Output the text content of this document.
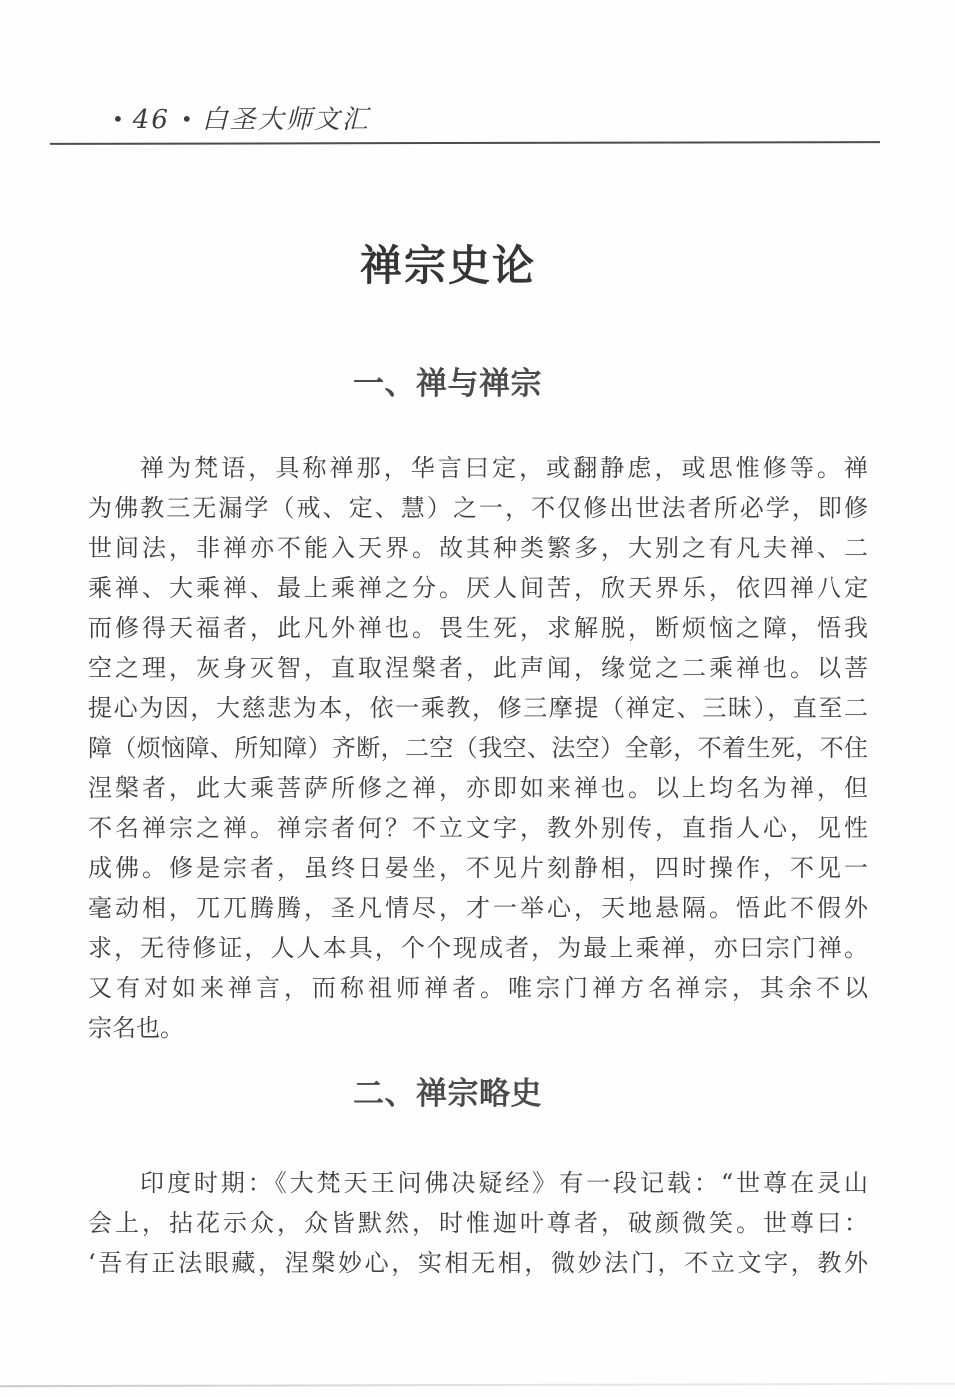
• 46 • 白圣大师文汇
禅宗史论
一、禅与禅宗
禅为梵语，具称禅那，华言曰定，或翻静虑，或思惟修等。禅
为佛教三无漏学（戒、定、慧）之一，不仅修出世法者所必学，即修
世间法，非禅亦不能入天界。故其种类繁多，大别之有凡夫禅、二
乘禅、大乘禅、最上乘禅之分。厌人间苦，欣天界乐，依四禅八定
而修得天福者，此凡外禅也。畏生死，求解脱，断烦恼之障，悟我
空之理，灰身灭智，直取涅槃者，此声闻，缘觉之二乘禅也。以菩
提心为因，大慈悲为本，依一乘教，修三摩提（禅定、三昧），直至二
障（烦恼障、所知障）齐断，二空（我空、法空）全彰，不着生死，不住
涅槃者，此大乘菩萨所修之禅，亦即如来禅也。以上均名为禅，但
不名禅宗之禅。禅宗者何？不立文字，教外别传，直指人心，见性
成佛。修是宗者，虽终日晏坐，不见片刻静相，四时操作，不见一
毫动相，兀兀腾腾，圣凡情尽，才一举心，天地悬隔。悟此不假外
求，无待修证，人人本具，个个现成者，为最上乘禅，亦曰宗门禅。
又有对如来禅言，而称祖师禅者。唯宗门禅方名禅宗，其余不以
宗名也。
二、禅宗略史
印度时期：《大梵天王问佛决疑经》有一段记载：“世尊在灵山
会上，拈花示众，众皆默然，时惟迦叶尊者，破颜微笑。世尊曰：
‘吾有正法眼藏，涅槃妙心，实相无相，微妙法门，不立文字，教外
